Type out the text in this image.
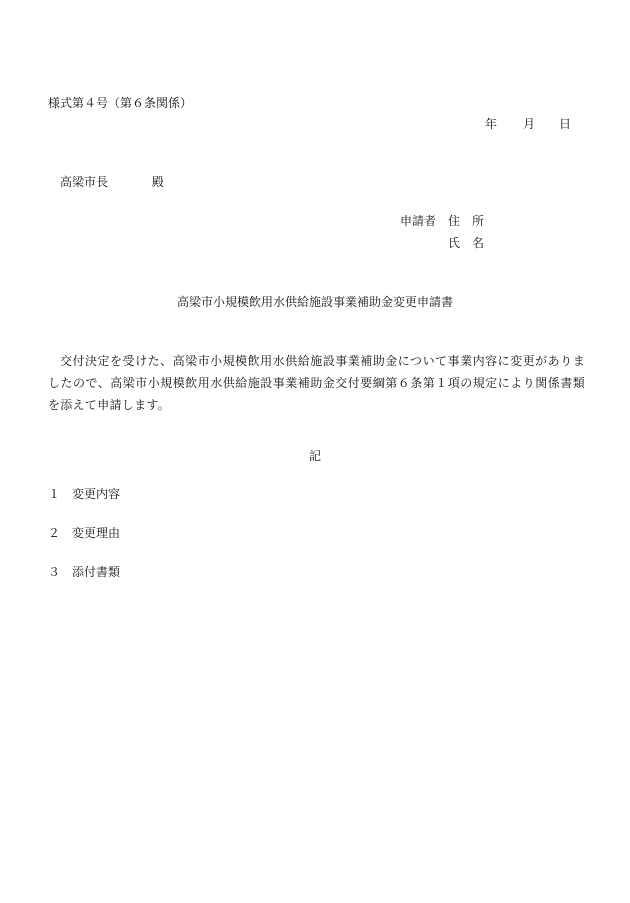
様式第４号（第６条関係）
年 月 日
高梁市長	殿
申請者 住　所
氏　名
高梁市小規模飲用水供給施設事業補助金変更申請書
交付決定を受けた、高梁市小規模飲用水供給施設事業補助金について事業内容に変更がありましたので、高梁市小規模飲用水供給施設事業補助金交付要綱第６条第１項の規定により関係書類を添えて申請します。
記
１ 変更内容
２ 変更理由
３ 添付書類
